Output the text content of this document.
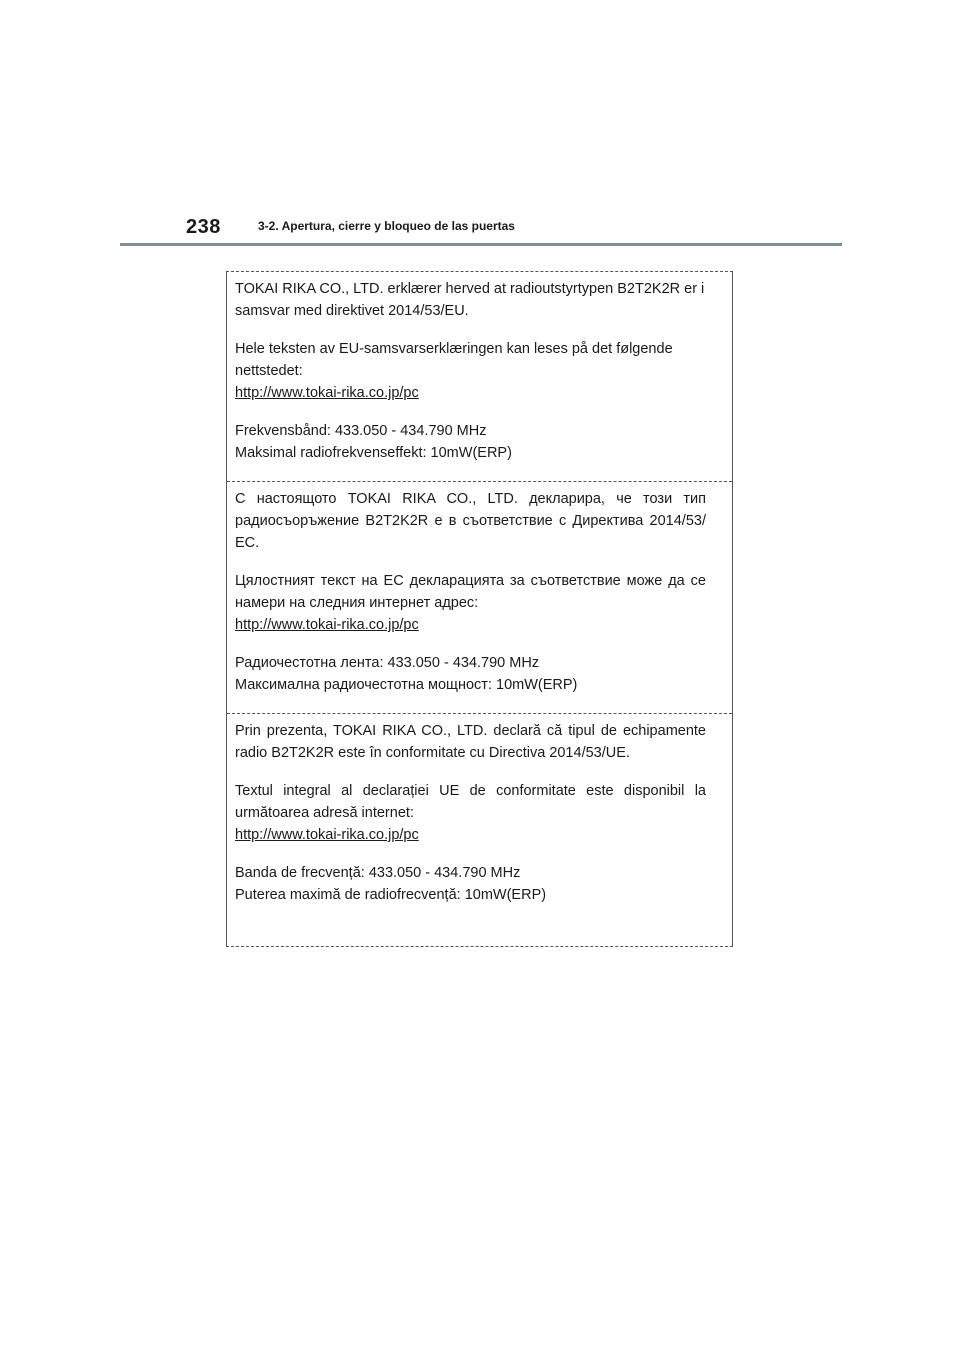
238	3-2. Apertura, cierre y bloqueo de las puertas

TOKAI RIKA CO., LTD. erklærer herved at radioutstyrtypen B2T2K2R er i samsvar med direktivet 2014/53/EU.

Hele teksten av EU-samsvarserklæringen kan leses på det følgende nettstedet:

http://www.tokai-rika.co.jp/pc

Frekvensbånd: 433.050 - 434.790 MHz

Maksimal radiofrekvenseffekt: 10mW(ERP)

С настоящото TOKAI RIKA CO., LTD. декларира, че този тип радиосъоръжение B2T2K2R е в съответствие с Директива 2014/53/ЕС.

Цялостният текст на ЕС декларацията за съответствие може да се намери на следния интернет адрес:

http://www.tokai-rika.co.jp/pc

Радиочестотна лента: 433.050 - 434.790 MHz

Максимална радиочестотна мощност: 10mW(ERP)

Prin prezenta, TOKAI RIKA CO., LTD. declară că tipul de echipamente radio B2T2K2R este în conformitate cu Directiva 2014/53/UE.

Textul integral al declarației UE de conformitate este disponibil la următoarea adresă internet:

http://www.tokai-rika.co.jp/pc

Banda de frecvență: 433.050 - 434.790 MHz

Puterea maximă de radiofrecvență: 10mW(ERP)
